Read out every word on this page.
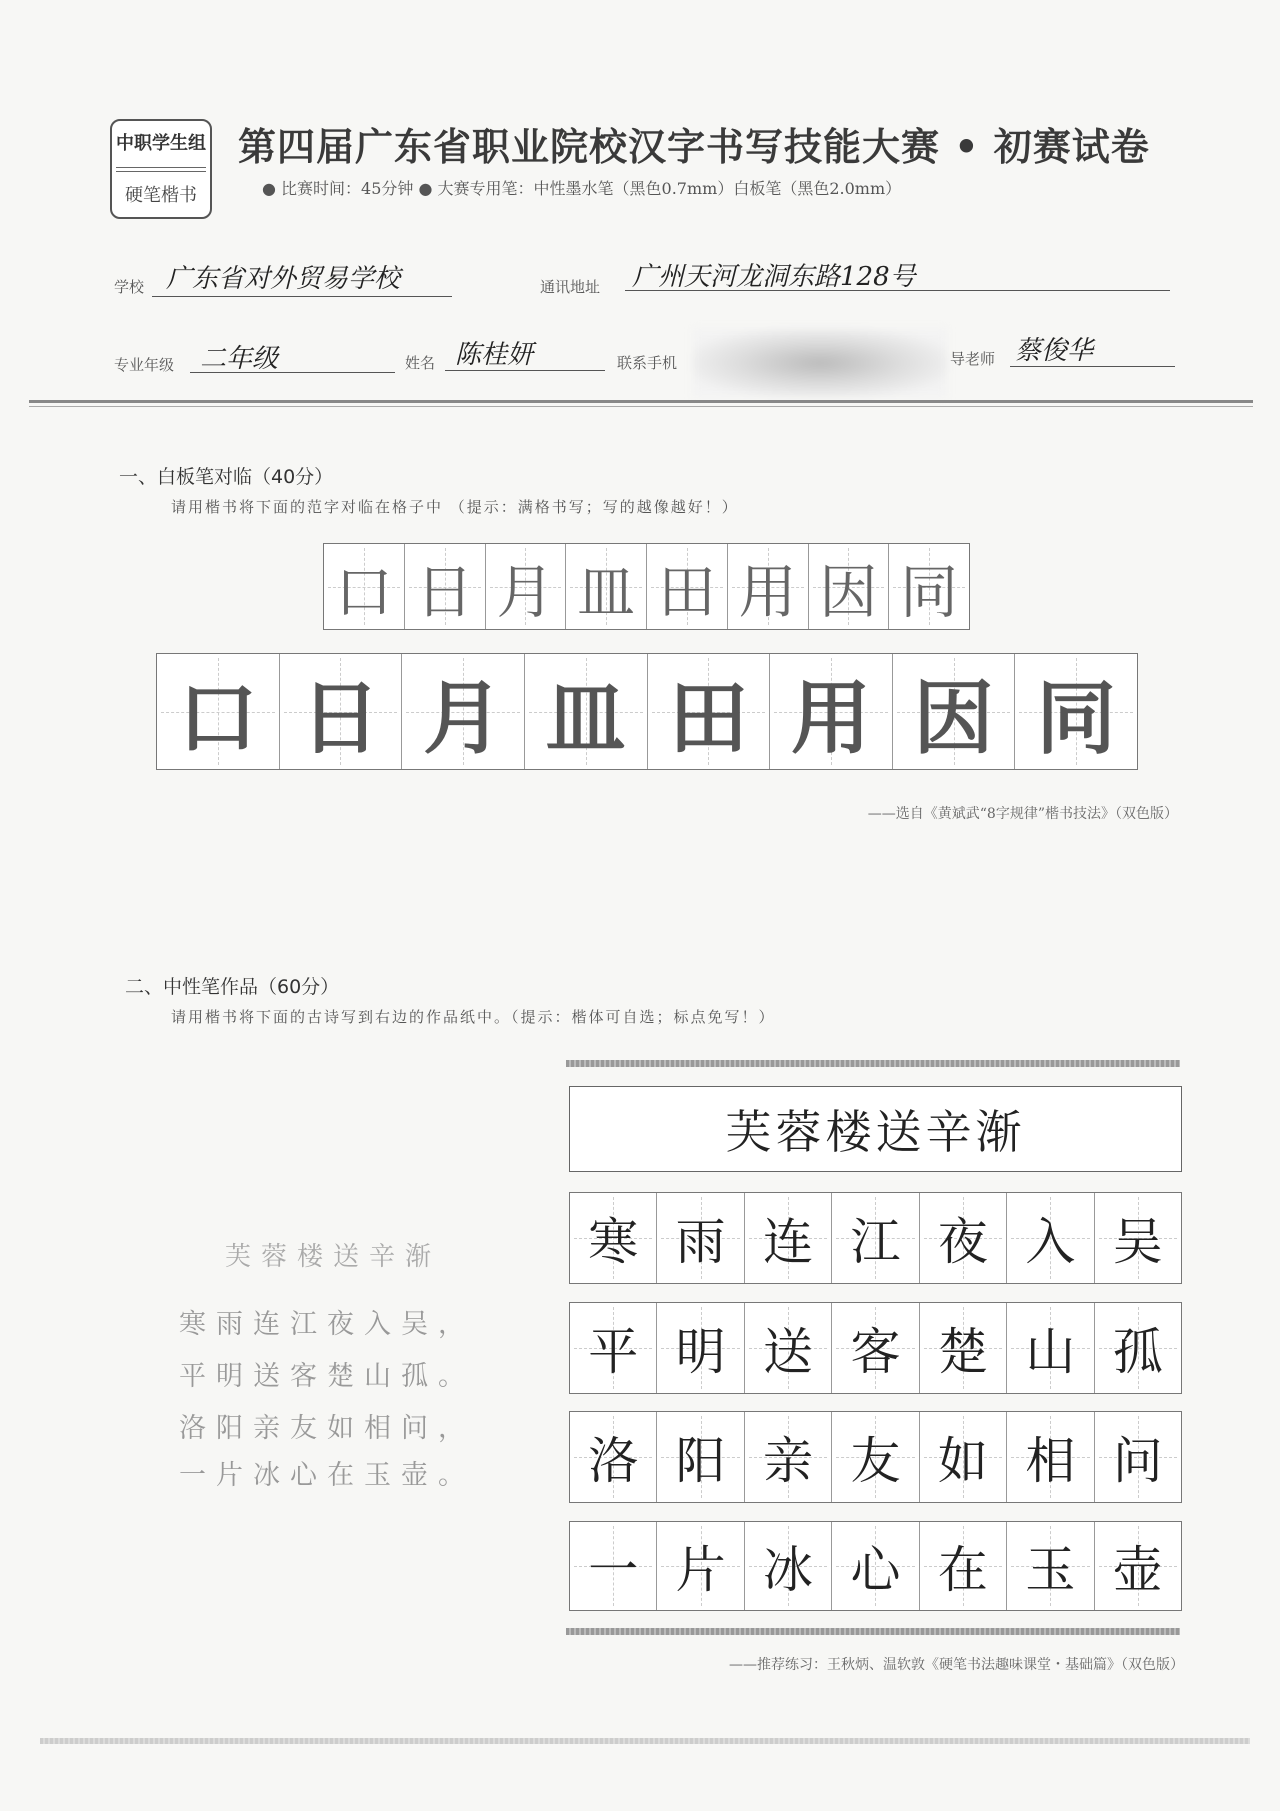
中职学生组
硬笔楷书
第四届广东省职业院校汉字书写技能大赛 • 初赛试卷
● 比赛时间：45分钟 ● 大赛专用笔：中性墨水笔（黑色0.7mm）白板笔（黑色2.0mm）
学校 广东省对外贸易学校	通讯地址 广州天河龙洞东路128号
专业年级 二年级	姓名 陈桂妍	联系手机	导老师 蔡俊华
一、白板笔对临（40分）
请用楷书将下面的范字对临在格子中 （提示：满格书写；写的越像越好！）
口 日 月 皿 田 用 因 同
口 日 月 皿 田 用 因 同
——选自《黄斌武“8字规律”楷书技法》（双色版）
二、中性笔作品（60分）
请用楷书将下面的古诗写到右边的作品纸中。（提示：楷体可自选；标点免写！）
芙蓉楼送辛渐
寒雨连江夜入吴，
平明送客楚山孤。
洛阳亲友如相问，
一片冰心在玉壶。
芙蓉楼送辛渐
寒 雨 连 江 夜 入 吴
平 明 送 客 楚 山 孤
洛 阳 亲 友 如 相 问
一 片 冰 心 在 玉 壶
——推荐练习：王秋炳、温软敦《硬笔书法趣味课堂・基础篇》（双色版）
